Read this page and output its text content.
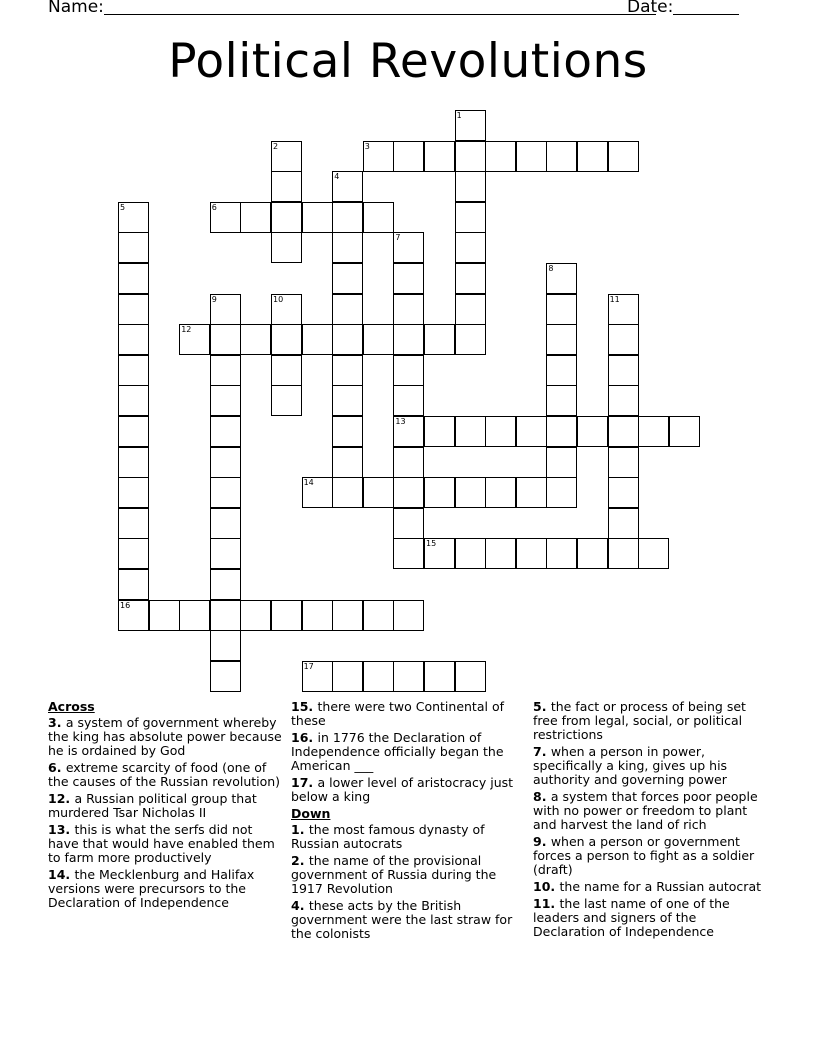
Name:	Date:
Political Revolutions
1
2	3
4
5	6
7
8
9	10	11
12
13
14
15
16
17
Across
3. a system of government whereby the king has absolute power because he is ordained by God
6. extreme scarcity of food (one of the causes of the Russian revolution)
12. a Russian political group that murdered Tsar Nicholas II
13. this is what the serfs did not have that would have enabled them to farm more productively
14. the Mecklenburg and Halifax versions were precursors to the Declaration of Independence
15. there were two Continental of these
16. in 1776 the Declaration of Independence officially began the American ___
17. a lower level of aristocracy just below a king
Down
1. the most famous dynasty of Russian autocrats
2. the name of the provisional government of Russia during the 1917 Revolution
4. these acts by the British government were the last straw for the colonists
5. the fact or process of being set free from legal, social, or political restrictions
7. when a person in power, specifically a king, gives up his authority and governing power
8. a system that forces poor people with no power or freedom to plant and harvest the land of rich
9. when a person or government forces a person to fight as a soldier (draft)
10. the name for a Russian autocrat
11. the last name of one of the leaders and signers of the Declaration of Independence
